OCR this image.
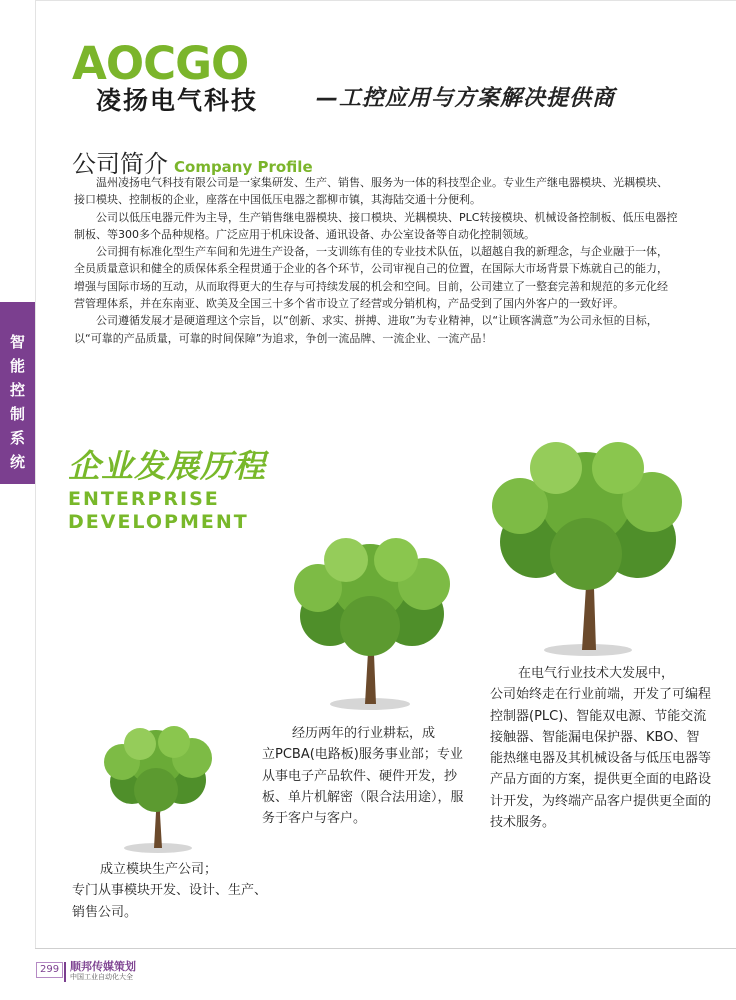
AOCGO
凌扬电气科技	—工控应用与方案解决提供商
公司简介 Company Profile

温州凌扬电气科技有限公司是一家集研发、生产、销售、服务为一体的科技型企业。专业生产继电器模块、光耦模块、接口模块、控制板的企业，座落在中国低压电器之都柳市镇，其海陆交通十分便利。

公司以低压电器元件为主导，生产销售继电器模块、接口模块、光耦模块、PLC转接模块、机械设备控制板、低压电器控制板、等300多个品种规格。广泛应用于机床设备、通讯设备、办公室设备等自动化控制领域。

公司拥有标准化型生产车间和先进生产设备，一支训练有佳的专业技术队伍，以超越自我的新理念，与企业融于一体，全员质量意识和健全的质保体系全程贯通于企业的各个环节，公司审视自己的位置，在国际大市场背景下炼就自己的能力，增强与国际市场的互动，从而取得更大的生存与可持续发展的机会和空间。目前，公司建立了一整套完善和规范的多元化经营管理体系，并在东南亚、欧美及全国三十多个省市设立了经营或分销机构，产品受到了国内外客户的一致好评。

公司遵循发展才是硬道理这个宗旨，以“创新、求实、拼搏、进取”为专业精神，以“让顾客满意”为公司永恒的目标，以“可靠的产品质量，可靠的时间保障”为追求，争创一流品牌、一流企业、一流产品！

智
能
控
制
系
统	企业发展历程
ENTERPRISE
DEVELOPMENT
成立模块生产公司；
专门从事模块开发、设计、生产、销售公司。
经历两年的行业耕耘，成
立PCBA(电路板)服务事业部；专业从事电子产品软件、硬件开发，抄板、单片机解密（限合法用途），服务于客户与客户。
在电气行业技术大发展中，
公司始终走在行业前端，开发了可编程控制器(PLC)、智能双电源、节能交流接触器、智能漏电保护器、KBO、智能热继电器及其机械设备与低压电器等产品方面的方案，提供更全面的电路设计开发，为终端产品客户提供更全面的技术服务。
299 顺邦传媒策划
中国工业自动化大全
